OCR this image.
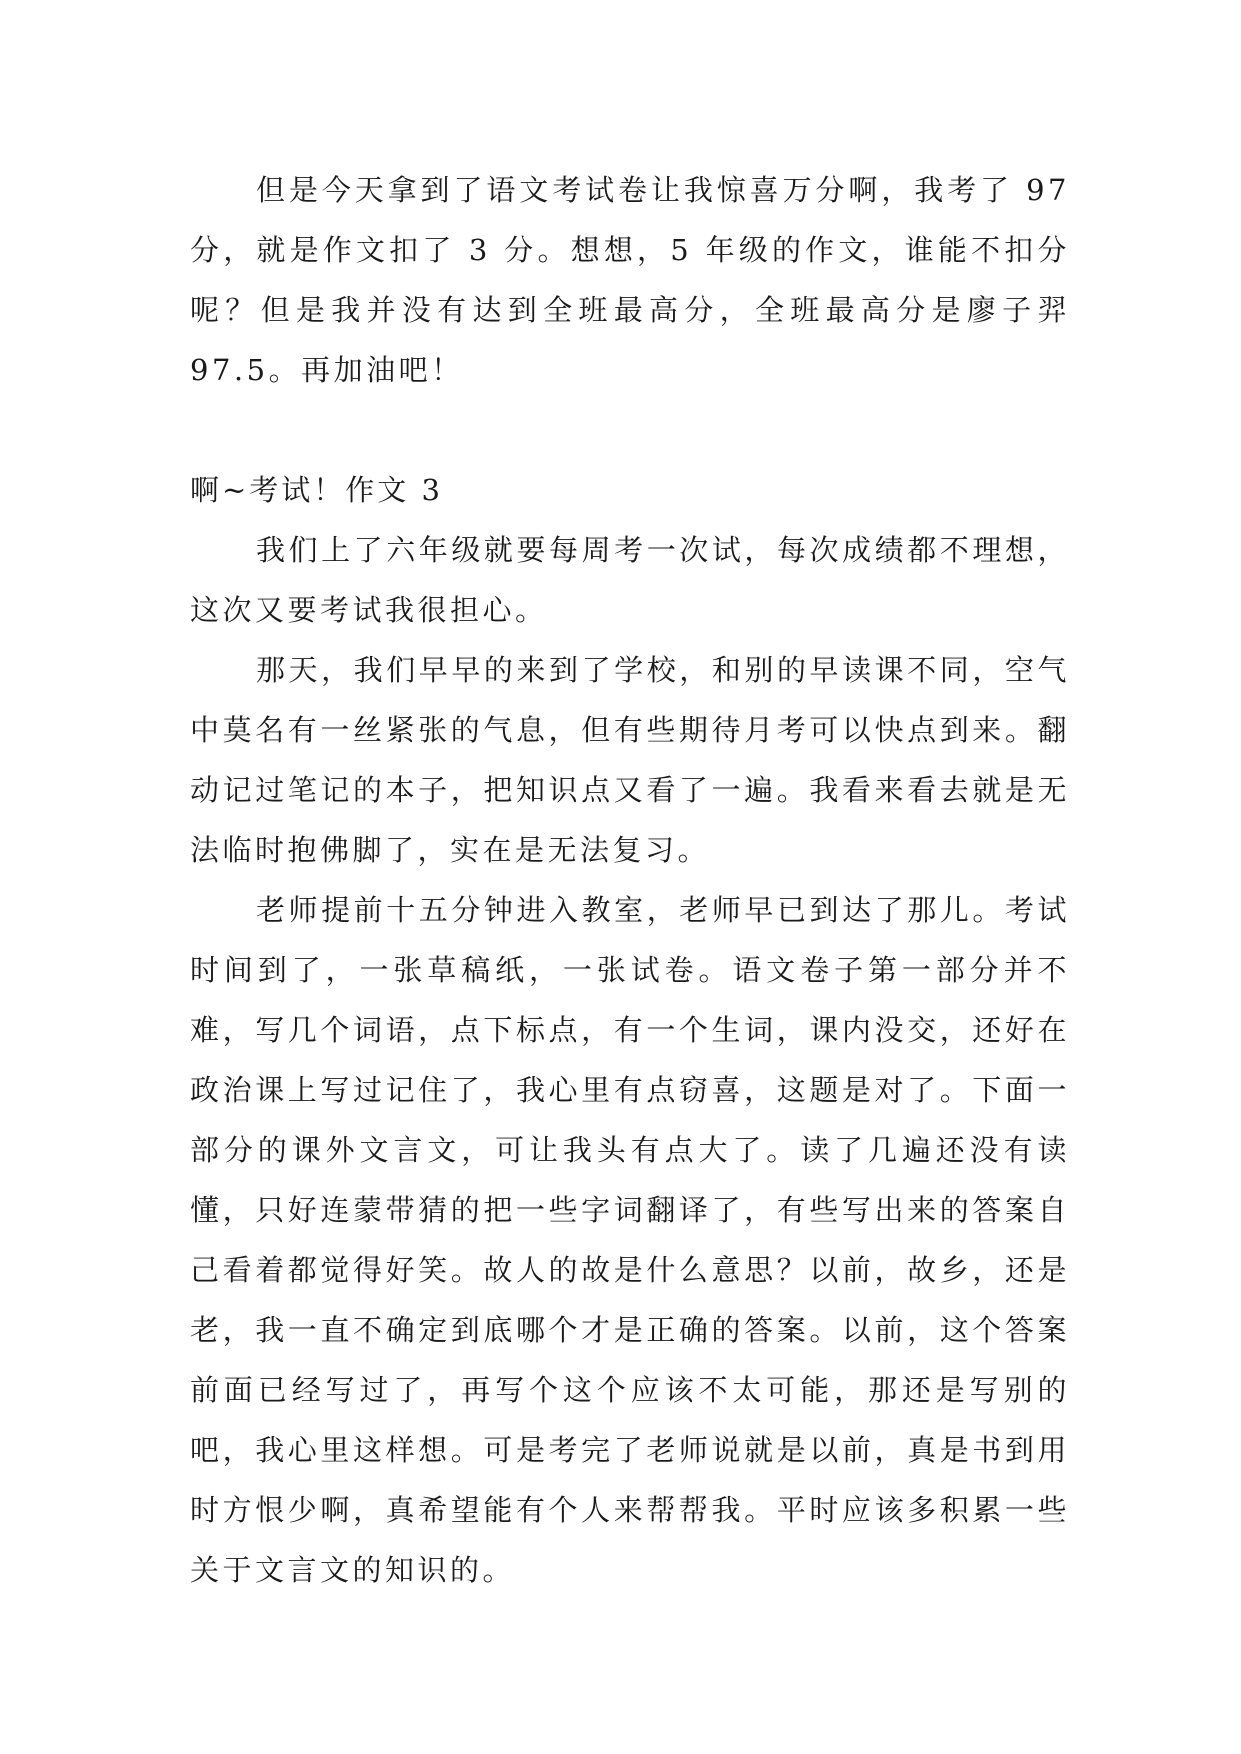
但是今天拿到了语文考试卷让我惊喜万分啊，我考了 97 分，就是作文扣了 3 分。想想，5 年级的作文，谁能不扣分呢？但是我并没有达到全班最高分，全班最高分是廖子羿 97.5。再加油吧！

啊~考试！作文 3

我们上了六年级就要每周考一次试，每次成绩都不理想，这次又要考试我很担心。

那天，我们早早的来到了学校，和别的早读课不同，空气中莫名有一丝紧张的气息，但有些期待月考可以快点到来。翻动记过笔记的本子，把知识点又看了一遍。我看来看去就是无法临时抱佛脚了，实在是无法复习。

老师提前十五分钟进入教室，老师早已到达了那儿。考试时间到了，一张草稿纸，一张试卷。语文卷子第一部分并不难，写几个词语，点下标点，有一个生词，课内没交，还好在政治课上写过记住了，我心里有点窃喜，这题是对了。下面一部分的课外文言文，可让我头有点大了。读了几遍还没有读懂，只好连蒙带猜的把一些字词翻译了，有些写出来的答案自己看着都觉得好笑。故人的故是什么意思？以前，故乡，还是老，我一直不确定到底哪个才是正确的答案。以前，这个答案前面已经写过了，再写个这个应该不太可能，那还是写别的吧，我心里这样想。可是考完了老师说就是以前，真是书到用时方恨少啊，真希望能有个人来帮帮我。平时应该多积累一些关于文言文的知识的。
